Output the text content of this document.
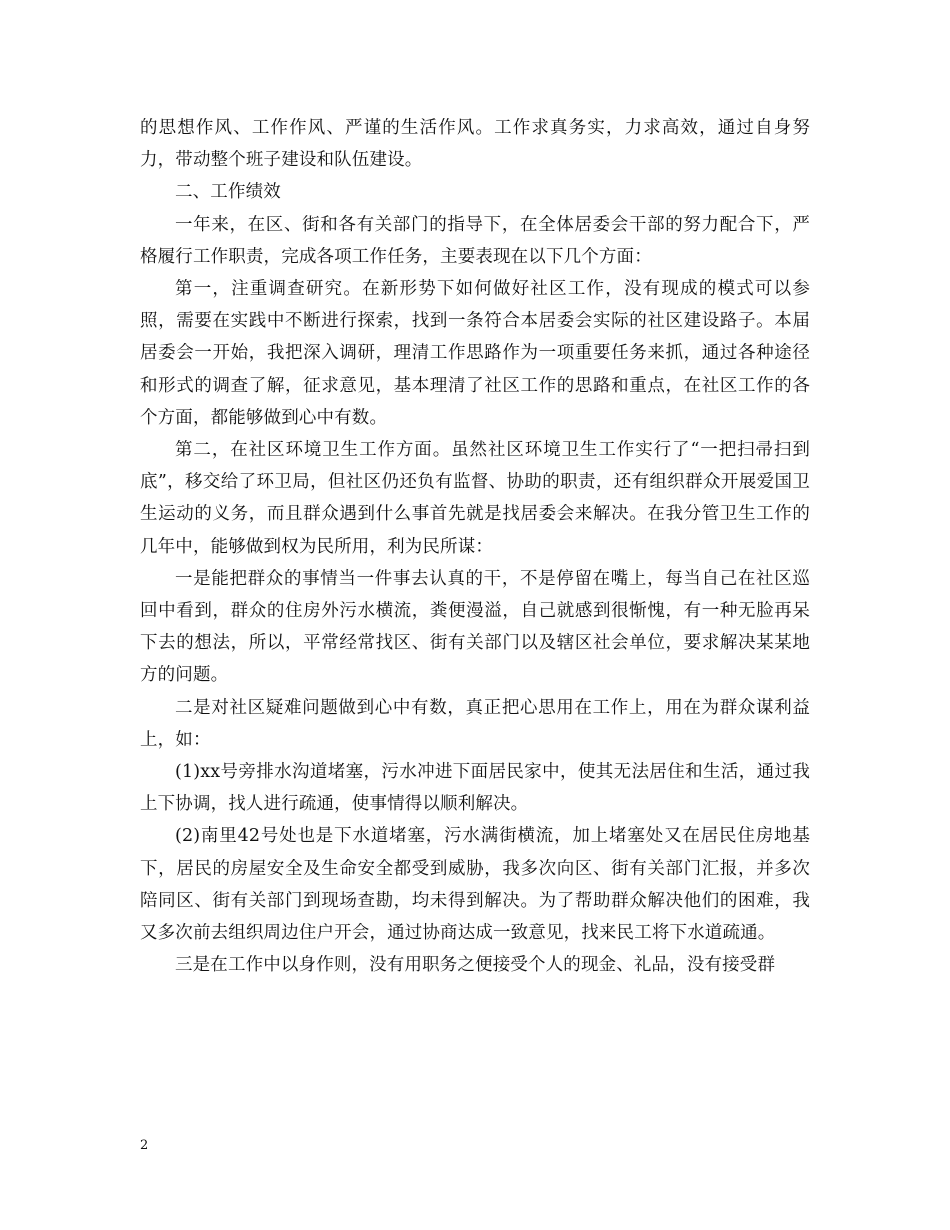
的思想作风、工作作风、严谨的生活作风。工作求真务实，力求高效，通过自身努力，带动整个班子建设和队伍建设。

二、工作绩效

一年来，在区、街和各有关部门的指导下，在全体居委会干部的努力配合下，严格履行工作职责，完成各项工作任务，主要表现在以下几个方面：

第一，注重调查研究。在新形势下如何做好社区工作，没有现成的模式可以参照，需要在实践中不断进行探索，找到一条符合本居委会实际的社区建设路子。本届居委会一开始，我把深入调研，理清工作思路作为一项重要任务来抓，通过各种途径和形式的调查了解，征求意见，基本理清了社区工作的思路和重点，在社区工作的各个方面，都能够做到心中有数。

第二，在社区环境卫生工作方面。虽然社区环境卫生工作实行了“一把扫帚扫到底”，移交给了环卫局，但社区仍还负有监督、协助的职责，还有组织群众开展爱国卫生运动的义务，而且群众遇到什么事首先就是找居委会来解决。在我分管卫生工作的几年中，能够做到权为民所用，利为民所谋：

一是能把群众的事情当一件事去认真的干，不是停留在嘴上，每当自己在社区巡回中看到，群众的住房外污水横流，粪便漫溢，自己就感到很惭愧，有一种无脸再呆下去的想法，所以，平常经常找区、街有关部门以及辖区社会单位，要求解决某某地方的问题。

二是对社区疑难问题做到心中有数，真正把心思用在工作上，用在为群众谋利益上，如：

(1)xx号旁排水沟道堵塞，污水冲进下面居民家中，使其无法居住和生活，通过我上下协调，找人进行疏通，使事情得以顺利解决。

(2)南里42号处也是下水道堵塞，污水满街横流，加上堵塞处又在居民住房地基下，居民的房屋安全及生命安全都受到威胁，我多次向区、街有关部门汇报，并多次陪同区、街有关部门到现场查勘，均未得到解决。为了帮助群众解决他们的困难，我又多次前去组织周边住户开会，通过协商达成一致意见，找来民工将下水道疏通。

三是在工作中以身作则，没有用职务之便接受个人的现金、礼品，没有接受群

2
